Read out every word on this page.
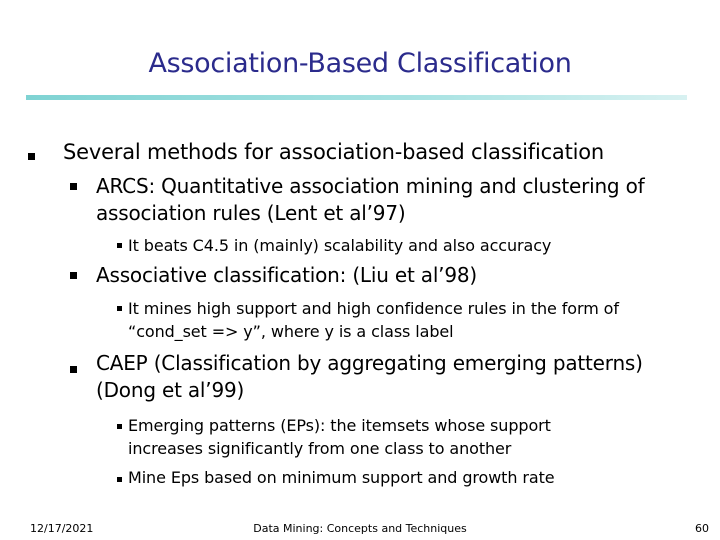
Association-Based Classification
Several methods for association-based classification
ARCS: Quantitative association mining and clustering of association rules (Lent et al’97)
It beats C4.5 in (mainly) scalability and also accuracy
Associative classification: (Liu et al’98)
It mines high support and high confidence rules in the form of “cond_set => y”, where y is a class label
CAEP (Classification by aggregating emerging patterns) (Dong et al’99)
Emerging patterns (EPs): the itemsets whose support increases significantly from one class to another
Mine Eps based on minimum support and growth rate
12/17/2021	Data Mining: Concepts and Techniques	60
